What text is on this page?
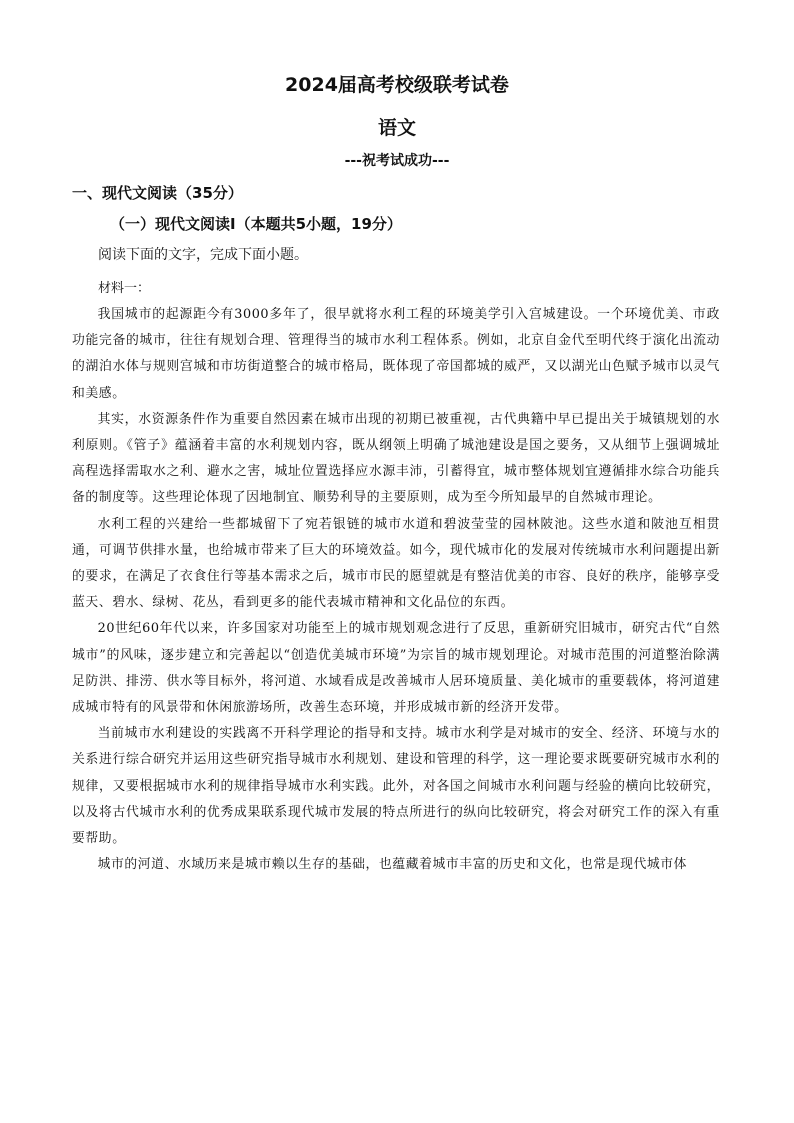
2024届高考校级联考试卷
语文
---祝考试成功---
一、现代文阅读（35分）
（一）现代文阅读Ⅰ（本题共5小题，19分）
阅读下面的文字，完成下面小题。
材料一：

我国城市的起源距今有3000多年了，很早就将水利工程的环境美学引入宫城建设。一个环境优美、市政功能完备的城市，往往有规划合理、管理得当的城市水利工程体系。例如，北京自金代至明代终于演化出流动的湖泊水体与规则宫城和市坊街道整合的城市格局，既体现了帝国都城的威严，又以湖光山色赋予城市以灵气和美感。

其实，水资源条件作为重要自然因素在城市出现的初期已被重视，古代典籍中早已提出关于城镇规划的水利原则。《管子》蕴涵着丰富的水利规划内容，既从纲领上明确了城池建设是国之要务，又从细节上强调城址高程选择需取水之利、避水之害，城址位置选择应水源丰沛，引蓄得宜，城市整体规划宜遵循排水综合功能兵备的制度等。这些理论体现了因地制宜、顺势利导的主要原则，成为至今所知最早的自然城市理论。

水利工程的兴建给一些都城留下了宛若银链的城市水道和碧波莹莹的园林陂池。这些水道和陂池互相贯通，可调节供排水量，也给城市带来了巨大的环境效益。如今，现代城市化的发展对传统城市水利问题提出新的要求，在满足了衣食住行等基本需求之后，城市市民的愿望就是有整洁优美的市容、良好的秩序，能够享受蓝天、碧水、绿树、花丛，看到更多的能代表城市精神和文化品位的东西。

20世纪60年代以来，许多国家对功能至上的城市规划观念进行了反思，重新研究旧城市，研究古代“自然城市”的风味，逐步建立和完善起以“创造优美城市环境”为宗旨的城市规划理论。对城市范围的河道整治除满足防洪、排涝、供水等目标外，将河道、水域看成是改善城市人居环境质量、美化城市的重要载体，将河道建成城市特有的风景带和休闲旅游场所，改善生态环境，并形成城市新的经济开发带。

当前城市水利建设的实践离不开科学理论的指导和支持。城市水利学是对城市的安全、经济、环境与水的关系进行综合研究并运用这些研究指导城市水利规划、建设和管理的科学，这一理论要求既要研究城市水利的规律，又要根据城市水利的规律指导城市水利实践。此外，对各国之间城市水利问题与经验的横向比较研究，以及将古代城市水利的优秀成果联系现代城市发展的特点所进行的纵向比较研究，将会对研究工作的深入有重要帮助。

城市的河道、水域历来是城市赖以生存的基础，也蕴藏着城市丰富的历史和文化，也常是现代城市体
